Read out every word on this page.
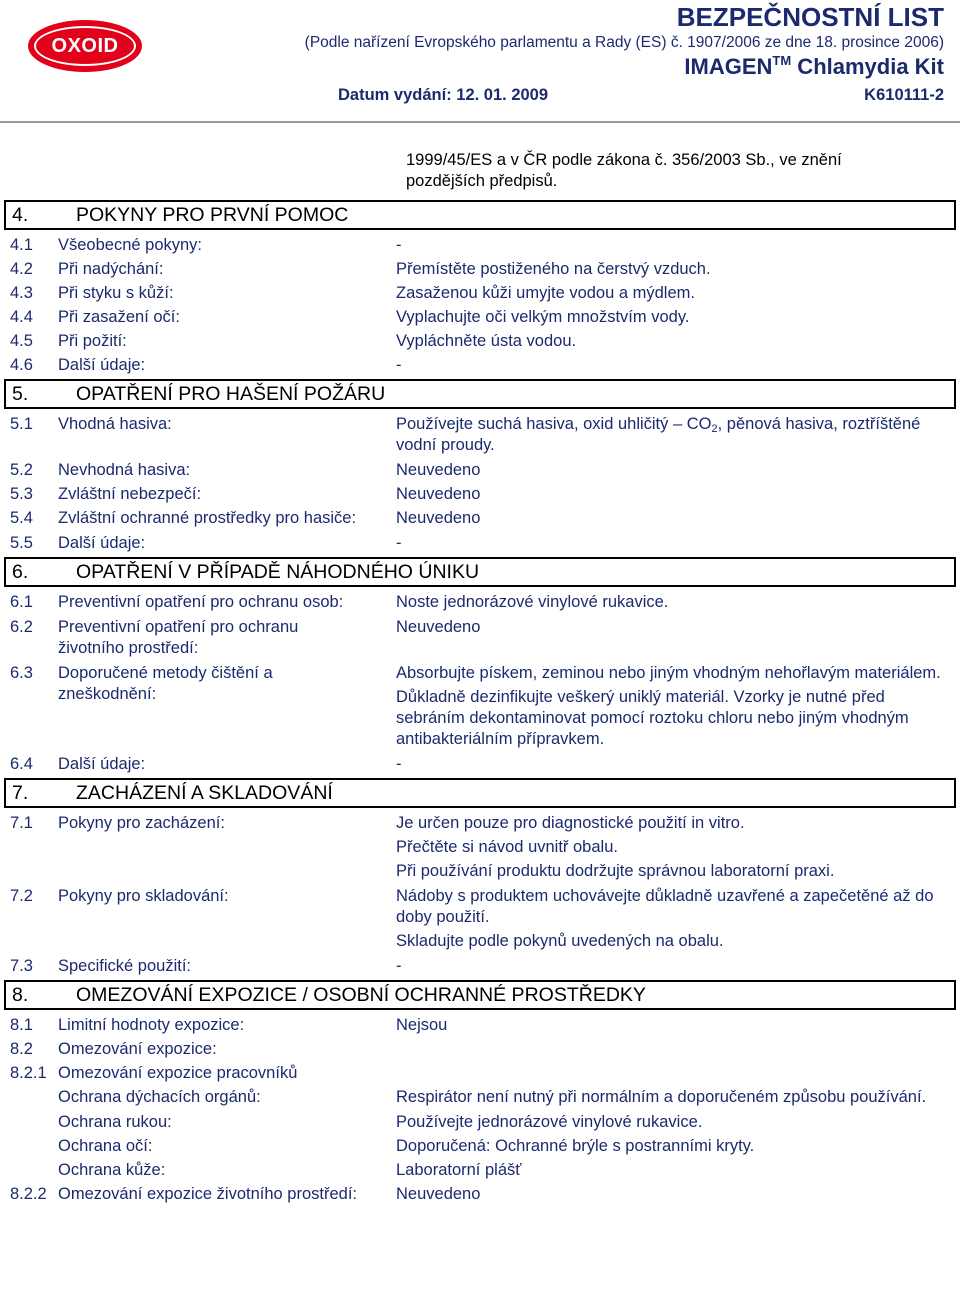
OXOID
BEZPEČNOSTNÍ LIST
(Podle nařízení Evropského parlamentu a Rady (ES) č. 1907/2006 ze dne 18. prosince 2006)
IMAGEN™ Chlamydia Kit
Datum vydání: 12. 01. 2009	K610111-2
1999/45/ES a v ČR podle zákona č. 356/2003 Sb., ve znění
pozdějších předpisů.
4. POKYNY PRO PRVNÍ POMOC
4.1	Všeobecné pokyny:	-
4.2	Při nadýchání:	Přemístěte postiženého na čerstvý vzduch.
4.3	Při styku s kůží:	Zasaženou kůži umyjte vodou a mýdlem.
4.4	Při zasažení očí:	Vyplachujte oči velkým množstvím vody.
4.5	Při požití:	Vypláchněte ústa vodou.
4.6	Další údaje:	-
5. OPATŘENÍ PRO HAŠENÍ POŽÁRU
5.1	Vhodná hasiva:	Používejte suchá hasiva, oxid uhličitý – $CO_2$, pěnová hasiva, roztříštěné vodní proudy.
5.2	Nevhodná hasiva:	Neuvedeno
5.3	Zvláštní nebezpečí:	Neuvedeno
5.4	Zvláštní ochranné prostředky pro hasiče: Neuvedeno
5.5	Další údaje:	-
6. OPATŘENÍ V PŘÍPADĚ NÁHODNÉHO ÚNIKU
6.1	Preventivní opatření pro ochranu osob:	Noste jednorázové vinylové rukavice.
6.2	Preventivní opatření pro ochranu životního prostředí:
Neuvedeno
6.3	Doporučené metody čištění a zneškodnění:
Absorbujte pískem, zeminou nebo jiným vhodným nehořlavým materiálem.
Důkladně dezinfikujte veškerý uniklý materiál. Vzorky je nutné před sebráním dekontaminovat pomocí roztoku chloru nebo jiným vhodným antibakteriálním přípravkem.
6.4	Další údaje:	-
7. ZACHÁZENÍ A SKLADOVÁNÍ
7.1	Pokyny pro zacházení:	Je určen pouze pro diagnostické použití in vitro.
Přečtěte si návod uvnitř obalu.
Při používání produktu dodržujte správnou laboratorní praxi.
7.2	Pokyny pro skladování:	Nádoby s produktem uchovávejte důkladně uzavřené a zapečetěné až do doby použití.
Skladujte podle pokynů uvedených na obalu.
7.3	Specifické použití:	-
8. OMEZOVÁNÍ EXPOZICE / OSOBNÍ OCHRANNÉ PROSTŘEDKY
8.1	Limitní hodnoty expozice:	Nejsou
8.2	Omezování expozice:
8.2.1 Omezování expozice pracovníků
Ochrana dýchacích orgánů:	Respirátor není nutný při normálním a doporučeném způsobu používání.
Ochrana rukou:	Používejte jednorázové vinylové rukavice.
Ochrana očí:	Doporučená: Ochranné brýle s postranními kryty.
Ochrana kůže:	Laboratorní plášť
8.2.2 Omezování expozice životního prostředí: Neuvedeno
